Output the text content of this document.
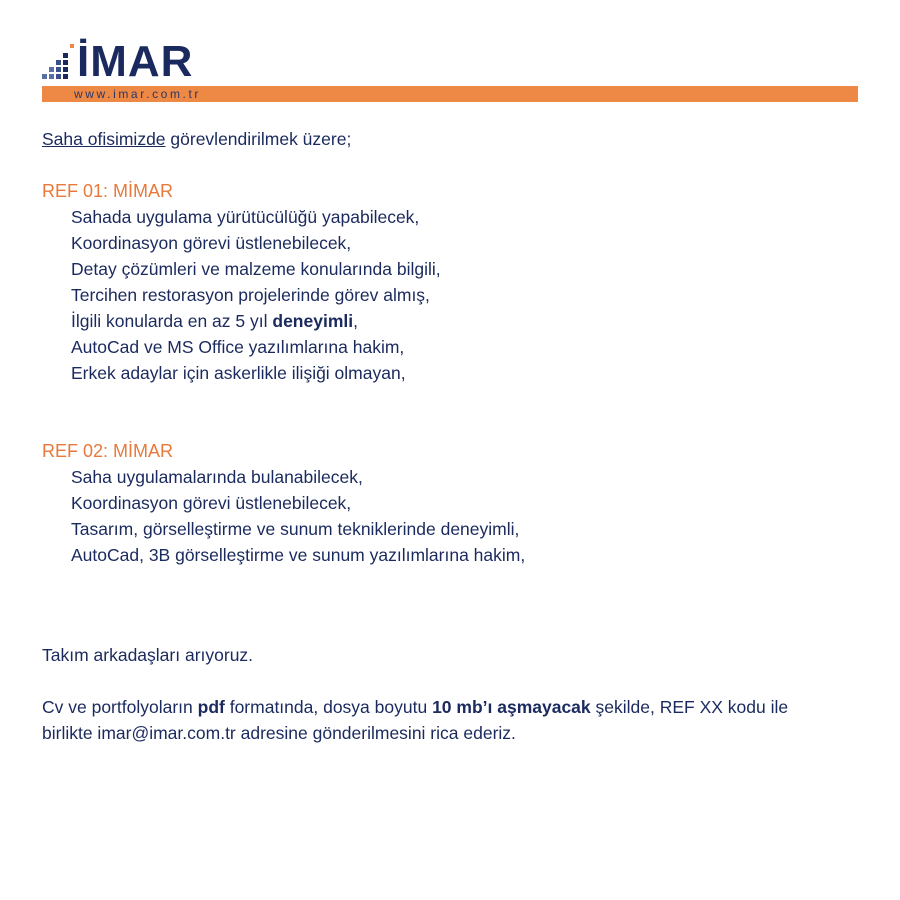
İMAR
www.imar.com.tr

Saha ofisimizde görevlendirilmek üzere;

REF 01: MİMAR

Sahada uygulama yürütücülüğü yapabilecek,
Koordinasyon görevi üstlenebilecek,
Detay çözümleri ve malzeme konularında bilgili,
Tercihen restorasyon projelerinde görev almış,
İlgili konularda en az 5 yıl deneyimli,
AutoCad ve MS Office yazılımlarına hakim,
Erkek adaylar için askerlikle ilişiği olmayan,

REF 02: MİMAR

Saha uygulamalarında bulanabilecek,
Koordinasyon görevi üstlenebilecek,
Tasarım, görselleştirme ve sunum tekniklerinde deneyimli,
AutoCad, 3B görselleştirme ve sunum yazılımlarına hakim,

Takım arkadaşları arıyoruz.

Cv ve portfolyoların pdf formatında, dosya boyutu 10 mb’ı aşmayacak şekilde, REF XX kodu ile
birlikte imar@imar.com.tr adresine gönderilmesini rica ederiz.
